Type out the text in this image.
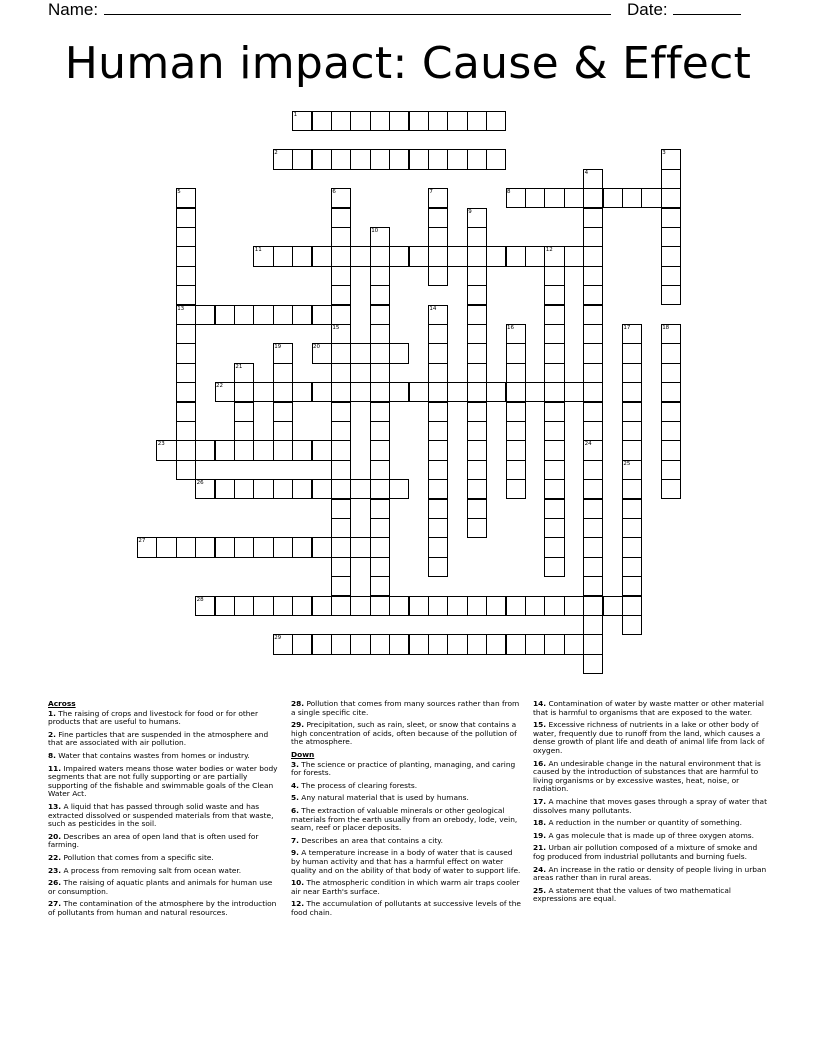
Name:	Date:
Human impact: Cause & Effect
1
2	3
4
5	6	7	8
9
10
11	12
13	14
15	16	17	18
19	20
21
22
23	24
25
26
27
28
29
Across
1. The raising of crops and livestock for food or for other products that are useful to humans.
2. Fine particles that are suspended in the atmosphere and that are associated with air pollution.
8. Water that contains wastes from homes or industry.
11. Impaired waters means those water bodies or water body segments that are not fully supporting or are partially supporting of the fishable and swimmable goals of the Clean Water Act.
13. A liquid that has passed through solid waste and has extracted dissolved or suspended materials from that waste, such as pesticides in the soil.
20. Describes an area of open land that is often used for farming.
22. Pollution that comes from a specific site.
23. A process from removing salt from ocean water.
26. The raising of aquatic plants and animals for human use or consumption.
27. The contamination of the atmosphere by the introduction of pollutants from human and natural resources.
28. Pollution that comes from many sources rather than from a single specific cite.
29. Precipitation, such as rain, sleet, or snow that contains a high concentration of acids, often because of the pollution of the atmosphere.
Down
3. The science or practice of planting, managing, and caring for forests.
4. The process of clearing forests.
5. Any natural material that is used by humans.
6. The extraction of valuable minerals or other geological materials from the earth usually from an orebody, lode, vein, seam, reef or placer deposits.
7. Describes an area that contains a city.
9. A temperature increase in a body of water that is caused by human activity and that has a harmful effect on water quality and on the ability of that body of water to support life.
10. The atmospheric condition in which warm air traps cooler air near Earth's surface.
12. The accumulation of pollutants at successive levels of the food chain.
14. Contamination of water by waste matter or other material that is harmful to organisms that are exposed to the water.
15. Excessive richness of nutrients in a lake or other body of water, frequently due to runoff from the land, which causes a dense growth of plant life and death of animal life from lack of oxygen.
16. An undesirable change in the natural environment that is caused by the introduction of substances that are harmful to living organisms or by excessive wastes, heat, noise, or radiation.
17. A machine that moves gases through a spray of water that dissolves many pollutants.
18. A reduction in the number or quantity of something.
19. A gas molecule that is made up of three oxygen atoms.
21. Urban air pollution composed of a mixture of smoke and fog produced from industrial pollutants and burning fuels.
24. An increase in the ratio or density of people living in urban areas rather than in rural areas.
25. A statement that the values of two mathematical expressions are equal.
